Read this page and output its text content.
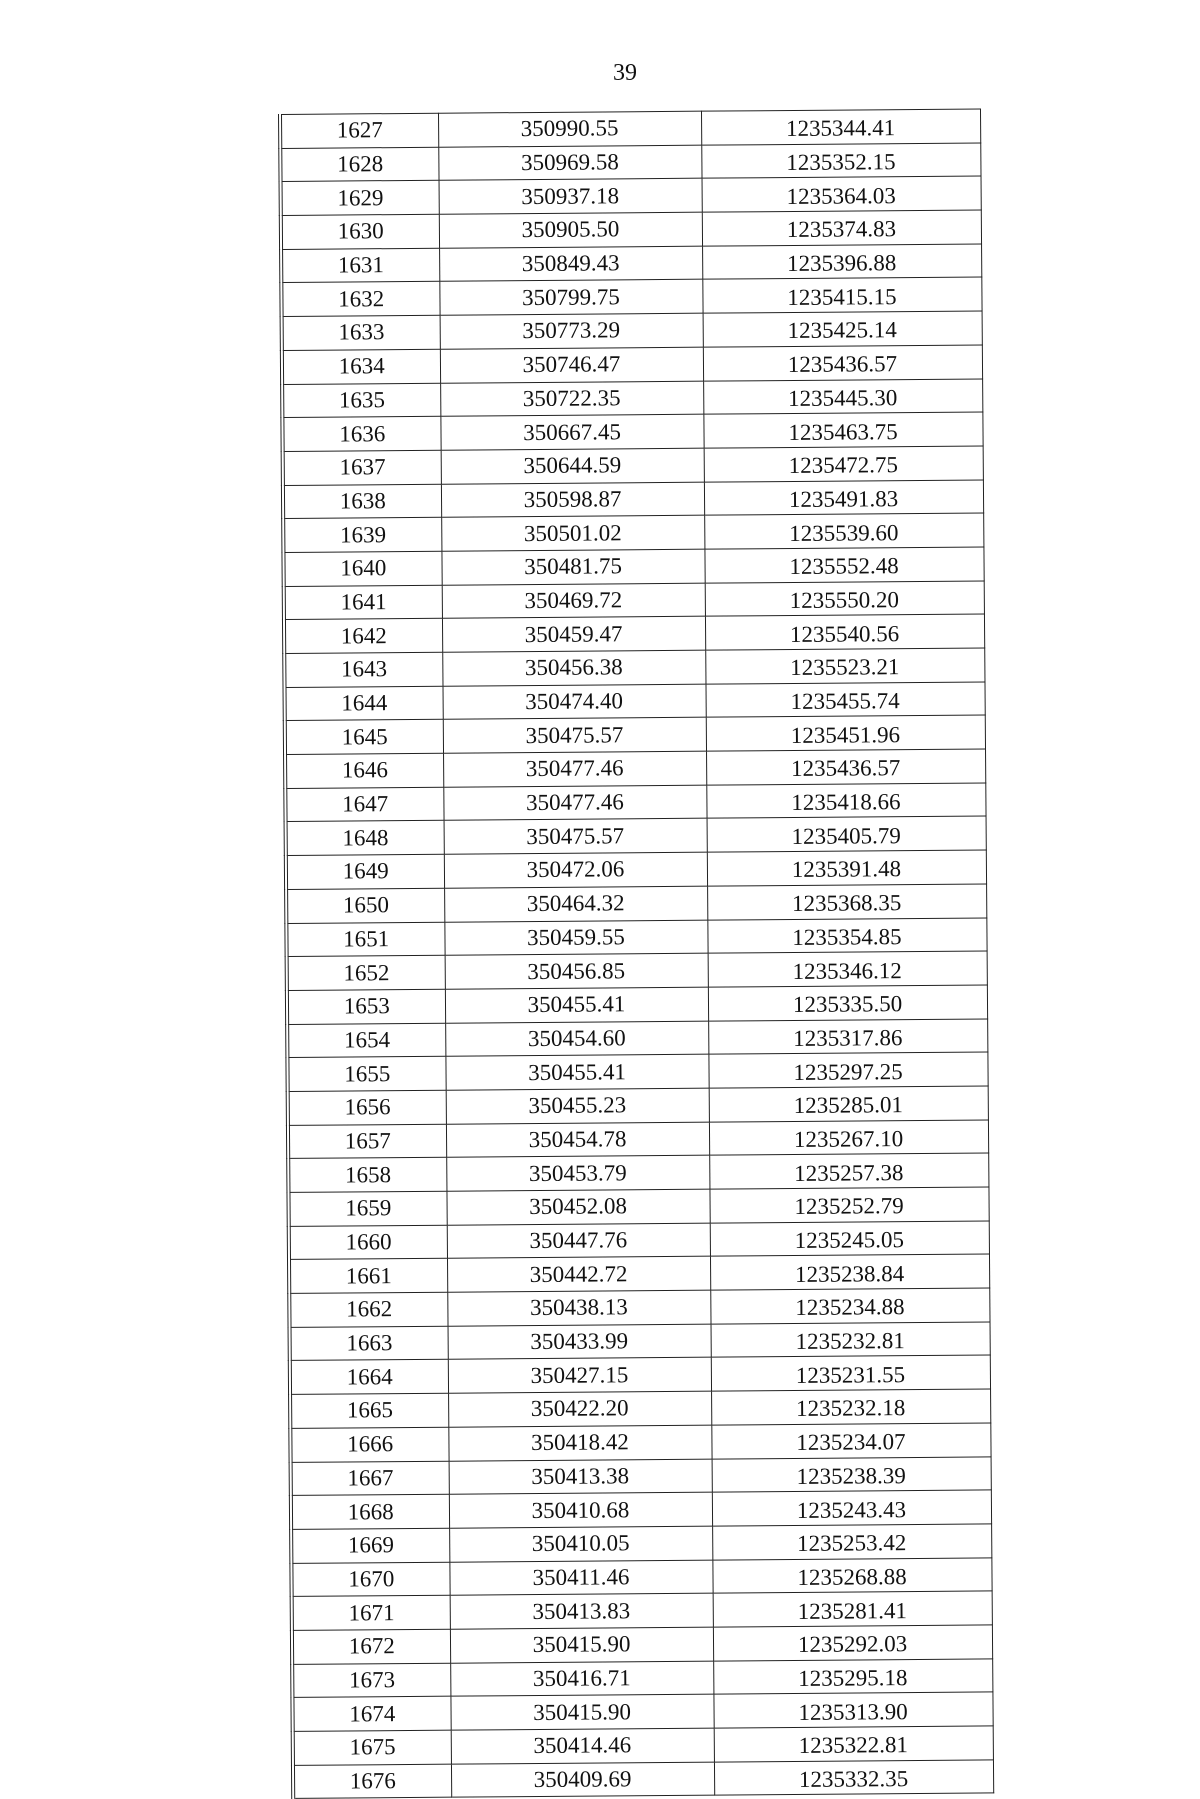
39
1627	350990.55	1235344.41
1628	350969.58	1235352.15
1629	350937.18	1235364.03
1630	350905.50	1235374.83
1631	350849.43	1235396.88
1632	350799.75	1235415.15
1633	350773.29	1235425.14
1634	350746.47	1235436.57
1635	350722.35	1235445.30
1636	350667.45	1235463.75
1637	350644.59	1235472.75
1638	350598.87	1235491.83
1639	350501.02	1235539.60
1640	350481.75	1235552.48
1641	350469.72	1235550.20
1642	350459.47	1235540.56
1643	350456.38	1235523.21
1644	350474.40	1235455.74
1645	350475.57	1235451.96
1646	350477.46	1235436.57
1647	350477.46	1235418.66
1648	350475.57	1235405.79
1649	350472.06	1235391.48
1650	350464.32	1235368.35
1651	350459.55	1235354.85
1652	350456.85	1235346.12
1653	350455.41	1235335.50
1654	350454.60	1235317.86
1655	350455.41	1235297.25
1656	350455.23	1235285.01
1657	350454.78	1235267.10
1658	350453.79	1235257.38
1659	350452.08	1235252.79
1660	350447.76	1235245.05
1661	350442.72	1235238.84
1662	350438.13	1235234.88
1663	350433.99	1235232.81
1664	350427.15	1235231.55
1665	350422.20	1235232.18
1666	350418.42	1235234.07
1667	350413.38	1235238.39
1668	350410.68	1235243.43
1669	350410.05	1235253.42
1670	350411.46	1235268.88
1671	350413.83	1235281.41
1672	350415.90	1235292.03
1673	350416.71	1235295.18
1674	350415.90	1235313.90
1675	350414.46	1235322.81
1676	350409.69	1235332.35
